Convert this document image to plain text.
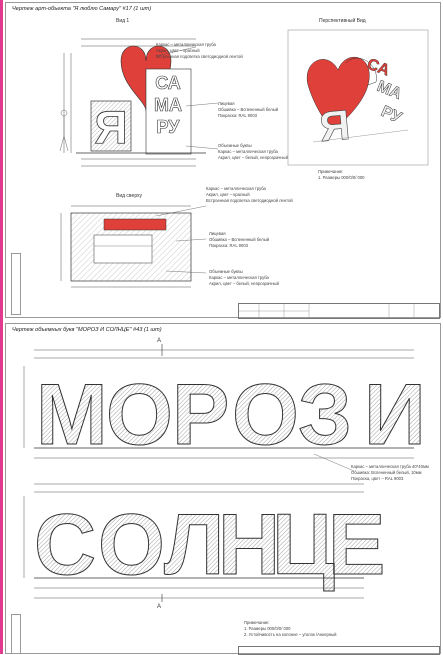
Чертеж арт-объекта "Я люблю Самару" #17 (1 шт)
Вид 1
Я
СА
МА
РУ
Каркас – металлическая труба
Акрил, цвет – красный
Встроенная подсветка светодиодной лентой
Лицевая
Обшивка – Вспененный белый
Покраска: RAL 9003
Объемные буквы
Каркас – металлическая труба
Акрил, цвет – белый, непрозрачный
Перспективный Вид
Я
СА
МА
РУ
Примечание:
1. Размеры 000/0/0/ 000
Вид сверху
Каркас – металлическая труба
Акрил, цвет – красный
Встроенная подсветка светодиодной лентой
Лицевая
Обшивка – Вспененный белый
Покраска: RAL 9003
Объемные буквы
Каркас – металлическая труба
Акрил, цвет – белый, непрозрачный
Чертеж объемных букв "МОРОЗ И СОЛНЦЕ" #43 (1 шт)
А
М
О Р О З И
С О Л
Н
Ц
Е
А
Каркас – металлическая труба 40*40мм
Обшивка: Вспененный белый, 10мм
Покраска, цвет – RAL 9003
Примечание:
1. Размеры 000/0/0/ 000
2. Устойчивость на колонне – уголок /Анкерный
